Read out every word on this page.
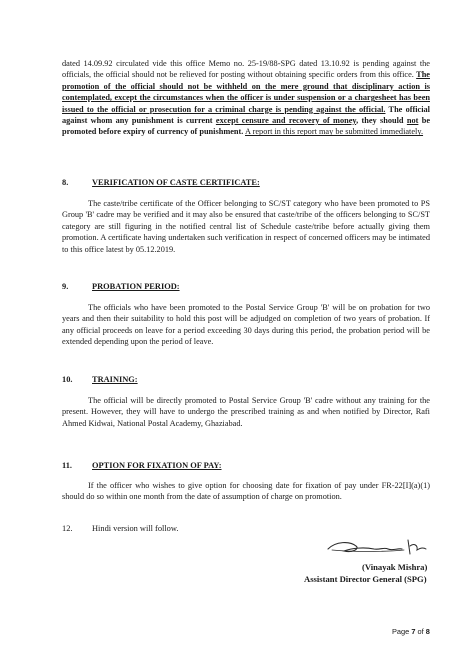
dated 14.09.92 circulated vide this office Memo no. 25-19/88-SPG dated 13.10.92 is pending against the officials, the official should not be relieved for posting without obtaining specific orders from this office. The promotion of the official should not be withheld on the mere ground that disciplinary action is contemplated, except the circumstances when the officer is under suspension or a chargesheet has been issued to the official or prosecution for a criminal charge is pending against the official. The official against whom any punishment is current except censure and recovery of money, they should not be promoted before expiry of currency of punishment. A report in this report may be submitted immediately.

8.	VERIFICATION OF CASTE CERTIFICATE:

The caste/tribe certificate of the Officer belonging to SC/ST category who have been promoted to PS Group 'B' cadre may be verified and it may also be ensured that caste/tribe of the officers belonging to SC/ST category are still figuring in the notified central list of Schedule caste/tribe before actually giving them promotion. A certificate having undertaken such verification in respect of concerned officers may be intimated to this office latest by 05.12.2019.

9.	PROBATION PERIOD:

The officials who have been promoted to the Postal Service Group 'B' will be on probation for two years and then their suitability to hold this post will be adjudged on completion of two years of probation. If any official proceeds on leave for a period exceeding 30 days during this period, the probation period will be extended depending upon the period of leave.

10. TRAINING:

The official will be directly promoted to Postal Service Group 'B' cadre without any training for the present. However, they will have to undergo the prescribed training as and when notified by Director, Rafi Ahmed Kidwai, National Postal Academy, Ghaziabad.

11. OPTION FOR FIXATION OF PAY:

If the officer who wishes to give option for choosing date for fixation of pay under FR-22[I](a)(1) should do so within one month from the date of assumption of charge on promotion.

12. Hindi version will follow.
(Vinayak Mishra)
Assistant Director General (SPG)
Page 7 of 8
